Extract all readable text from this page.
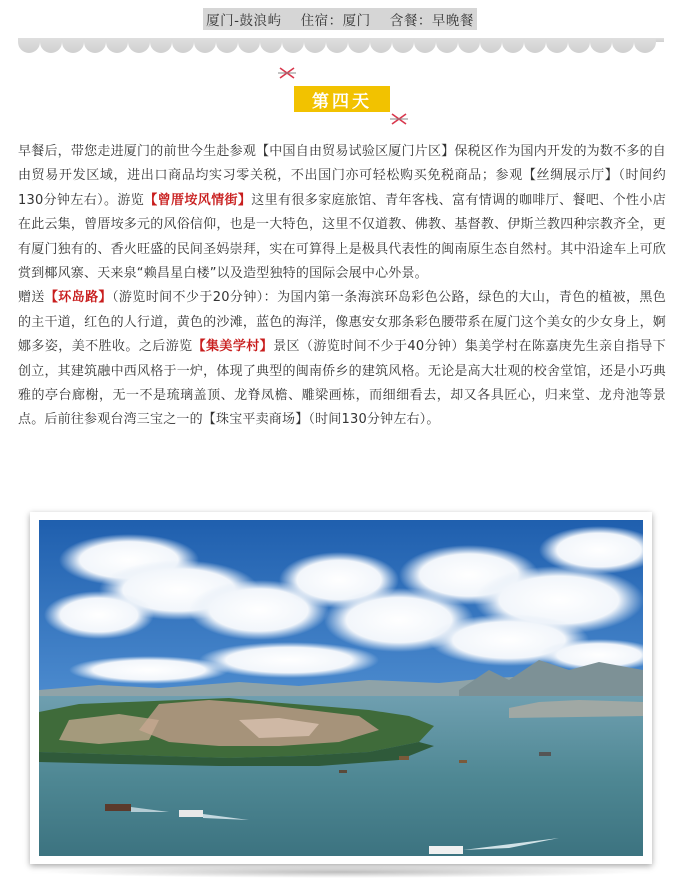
厦门-鼓浪屿    住宿：厦门    含餐：早晚餐
第四天

早餐后，带您走进厦门的前世今生赴参观【中国自由贸易试验区厦门片区】保税区作为国内开发的为数不多的自由贸易开发区域，进出口商品均实习零关税，不出国门亦可轻松购买免税商品；参观【丝绸展示厅】（时间约130分钟左右）。游览【曾厝垵风情街】这里有很多家庭旅馆、青年客栈、富有情调的咖啡厅、餐吧、个性小店在此云集，曾厝垵多元的风俗信仰，也是一大特色，这里不仅道教、佛教、基督教、伊斯兰教四种宗教齐全，更有厦门独有的、香火旺盛的民间圣妈崇拜，实在可算得上是极具代表性的闽南原生态自然村。其中沿途车上可欣赏到椰风寨、天来泉“赖昌星白楼”以及造型独特的国际会展中心外景。

赠送【环岛路】（游览时间不少于20分钟）：为国内第一条海滨环岛彩色公路，绿色的大山，青色的植被，黑色的主干道，红色的人行道，黄色的沙滩，蓝色的海洋，像惠安女那条彩色腰带系在厦门这个美女的少女身上，婀娜多姿，美不胜收。之后游览【集美学村】景区（游览时间不少于40分钟）集美学村在陈嘉庚先生亲自指导下创立，其建筑融中西风格于一炉，体现了典型的闽南侨乡的建筑风格。无论是高大壮观的校舍堂馆，还是小巧典雅的亭台廊榭，无一不是琉璃盖顶、龙脊凤檐、雕梁画栋，而细细看去，却又各具匠心，归来堂、龙舟池等景点。后前往参观台湾三宝之一的【珠宝平卖商场】（时间130分钟左右）。
